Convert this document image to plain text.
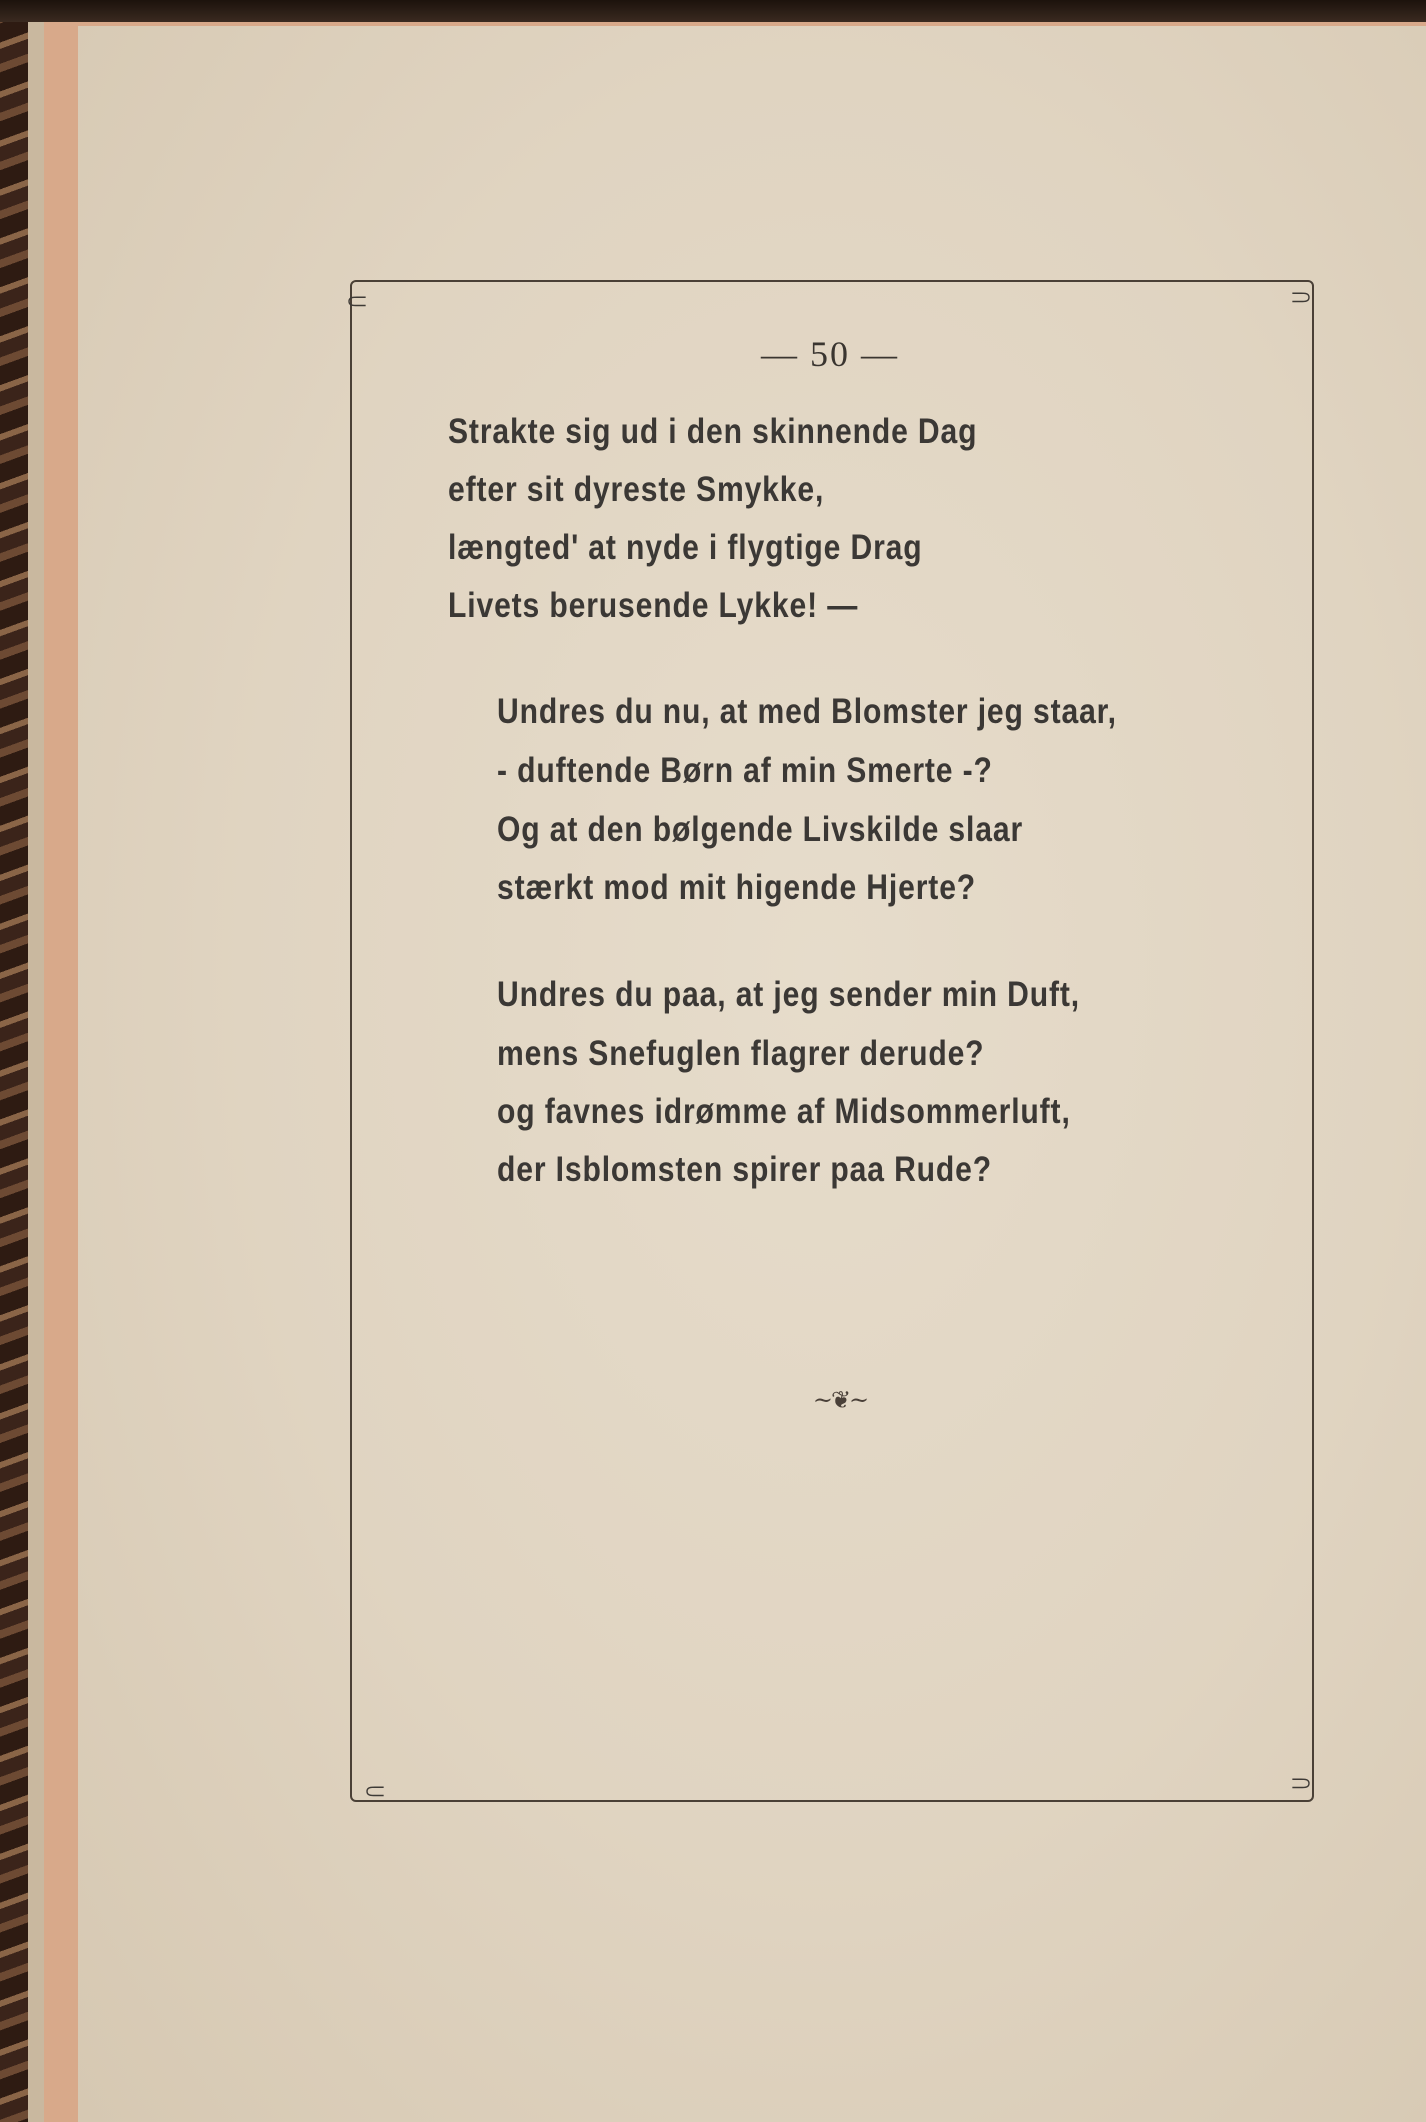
⸦	⸧
⸦	⸧
— 50 —
Strakte sig ud i den skinnende Dag
efter sit dyreste Smykke,
længted' at nyde i flygtige Drag
Livets berusende Lykke! —
Undres du nu, at med Blomster jeg staar,
- duftende Børn af min Smerte -?
Og at den bølgende Livskilde slaar
stærkt mod mit higende Hjerte?
Undres du paa, at jeg sender min Duft,
mens Snefuglen flagrer derude?
og favnes idrømme af Midsommerluft,
der Isblomsten spirer paa Rude?
~❦~
